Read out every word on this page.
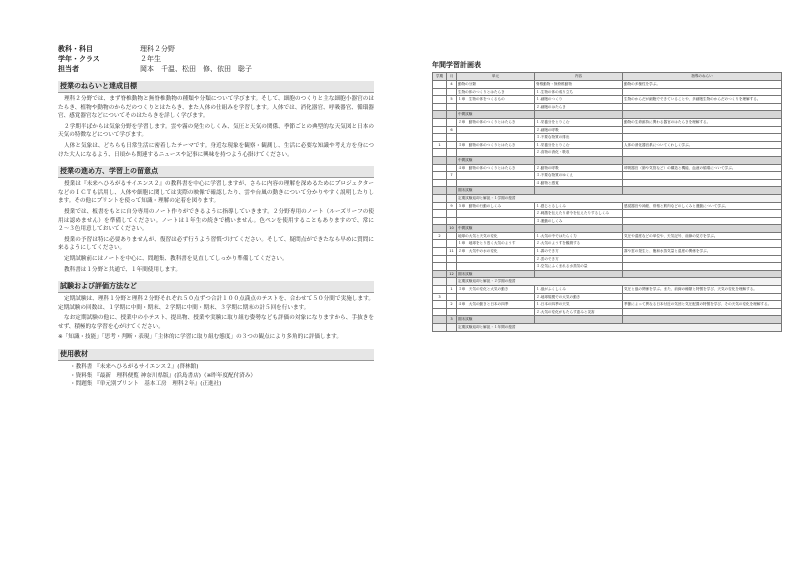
教科・科目	理科２分野
学年・クラス	２年生
担当者	岡本　千温、松田　修、依田　聡子
授業のねらいと達成目標

理科２分野では、まず脊椎動物と無脊椎動物の種類や分類について学びます。そして、細胞のつくりと主な細胞小器官のはたらき、植物や動物のからだのつくりとはたらき、また人体の仕組みを学習します。人体では、消化器官、呼吸器官、循環器官、感覚器官などについてそのはたらきを詳しく学びます。

２学期半ばからは気象分野を学習します。雲や霧の発生のしくみ、気圧と天気の関係、季節ごとの典型的な天気図と日本の天気の特徴などについて学びます。

人体と気象は、どちらも日常生活に密着したテーマです。身近な現象を観察・観測し、生活に必要な知識や考え方を身につけた大人になるよう、日頃から関連するニュースや記事に興味を持つよう心掛けてください。

授業の進め方、学習上の留意点

授業は『未来へひろがるサイエンス２』の教科書を中心に学習しますが、さらに内容の理解を深めるためにプロジェクターなどのＩＣＴも活用し、人体や細胞に関しては実際の映像で確認したり、雲や台風の動きについて分かりやすく説明したりします。その他にプリントを使って知識・理解の定着を図ります。

授業では、板書をもとに自分専用のノート作りができるように指導していきます。２分野専用のノート（ルーズリーフの使用は認めません）を準備してください。ノートは１年生の続きで構いません。色ペンを使用することもありますので、常に２〜３色用意しておいてください。

授業の予習は特に必要ありませんが、復習は必ず行うよう習慣づけてください。そして、疑問点ができたなら早めに質問に来るようにしてください。

定期試験前にはノートを中心に、問題集、教科書を見直してしっかり準備してください。

教科書は１分野と共通で、１年間使用します。

試験および評価方法など

定期試験は、理科１分野と理科２分野それぞれ５０点ずつ合計１００点満点のテストを、合わせて５０分間で実施します。定期試験の回数は、１学期に中間・期末、２学期に中間・期末、３学期に期末の計５回を行います。

なお定期試験の他に、授業中の小テスト、提出物、授業や実験に取り組む姿勢なども評価の対象になりますから、手抜きをせず、積極的な学習を心がけてください。

※「知識・技能」「思考・判断・表現」「主体的に学習に取り組む態度」の３つの観点により多角的に評価します。

使用教材
・教科書 『未来へひろがるサイエンス２』(啓林館)
・資料集 『最新　理科便覧 神奈川県版』(浜島書店)（※昨年度配付済み）
・問題集 『単元別プリント　基本工房　理科２年』(正進社)
年間学習計画表
学期	月	単元	内容	指導のねらい
	4	動物の分類	脊椎動物・無脊椎動物	動物の多様性を学ぶ。
		生物の体のつくりとはたらき	１.生物の体の成り立ち	
	5	１章　生物の体をつくるもの	１.細胞のつくり	生物のからだが細胞でできていることや、多細胞生物のからだのつくりを理解する。
			２.細胞のはたらき	
		中間試験		
		２章　動物の体のつくりとはたらき	１.栄養分をとりこむ	動物の生命維持に関わる器官のはたらきを理解する。
	6		２.細胞の呼吸	
			３.不要な物質の排出	
1		３章　動物の体のつくりとはたらき	１.栄養分をとりこむ	人体の消化器官系についてくわしく学ぶ。
			２.食物の消化・吸収	
		中間試験		
		４章　動物の体のつくりとはたらき	２.動物の呼吸	呼吸器官（肺や気管など）の構造と機能、血液の循環について学ぶ。
	7		３.不要な物質のゆくえ	
			４.動物と感覚	
		期末試験		
		定期試験返却と解説・１学期の復習		
	9	５章　動物の行動のしくみ	１.感じとるしくみ	感覚器官や神経、骨格と筋肉などのしくみと運動について学ぶ。
			２.刺激を伝えたり命令を伝えたりするしくみ	
			３.運動のしくみ	
	10	中間試験		
2		地球の大気と天気の変化	１.大気の中ではたらく力	気圧や湿度などの単位や、天気記号、前線の見方を学ぶ。
		１章　地球をとり巻く大気のようす	２.大気のようすを観測する	
	11	２章　大気中の水の変化	１.霧のでき方	霧や雲の発生と、飽和水蒸気量と湿度の関係を学ぶ。
			２.雲のでき方	
			３.空気にふくまれる水蒸気の量	
	12	期末試験		
		定期試験返却と解説・２学期の復習		
	1	３章　天気の変化と大気の動き	１.風がふくしくみ	気圧と風の関係を学ぶ。また、前線の種類と特徴を学び、天気の変化を理解する。
3			２.地球規模での大気の動き	
	2	４章　大気の動きと日本の四季	１.日本の四季の天気	季節によって異なる日本付近の気団と気圧配置の特徴を学び、その天気の変化を理解する。
			２.大気の変化がもたらす恵みと災害	
	3	期末試験		
		定期試験返却と解説・１年間の復習		
